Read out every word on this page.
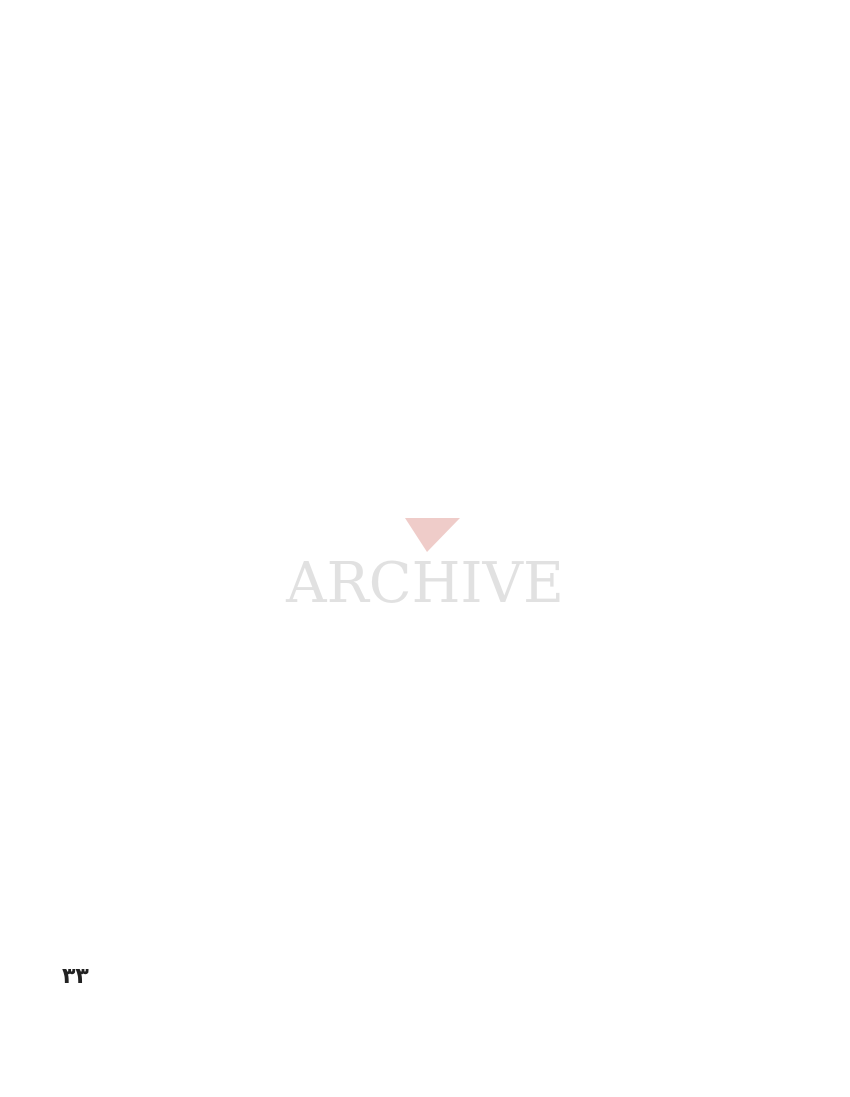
ARCHIVE
٣٣
